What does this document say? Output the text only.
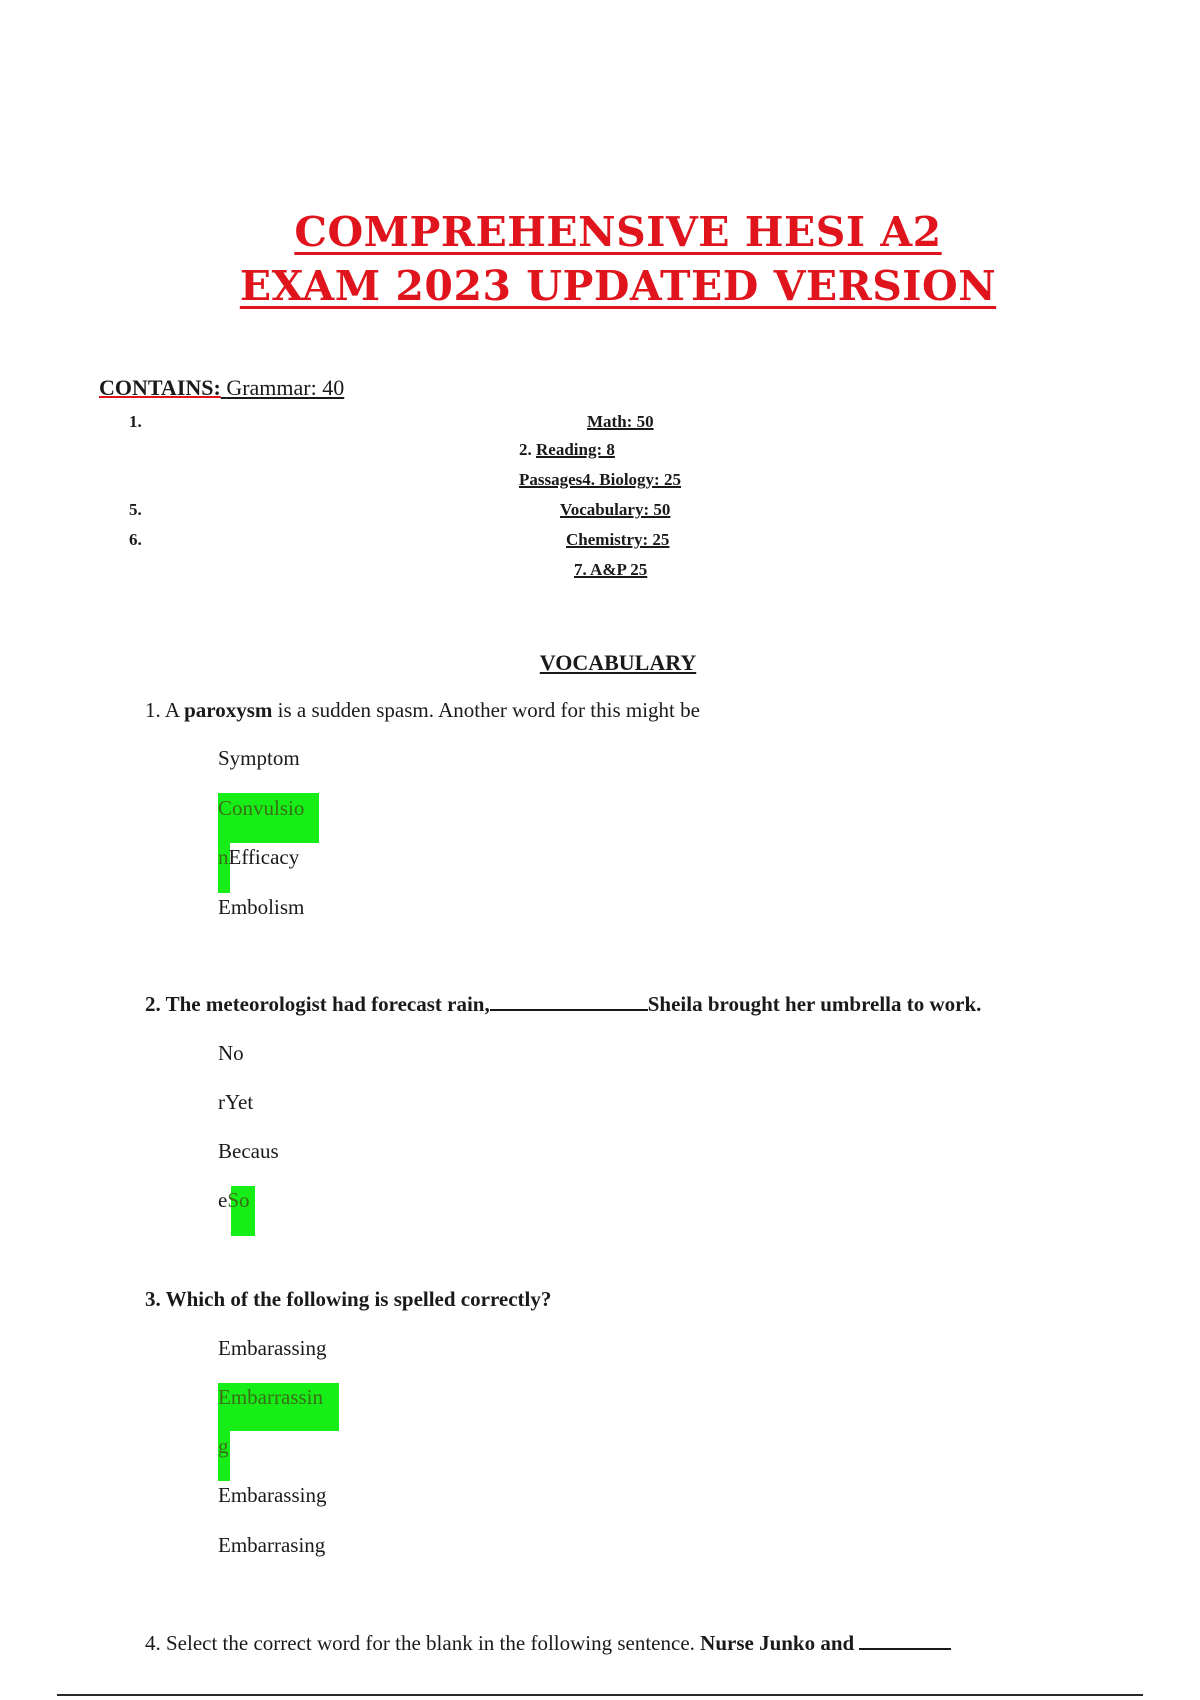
COMPREHENSIVE HESI A2
EXAM 2023 UPDATED VERSION
CONTAINS: Grammar: 40
1.	Math: 50
2. Reading: 8
Passages4. Biology: 25
5.	Vocabulary: 50
6.	Chemistry: 25
7. A&P 25
VOCABULARY
1. A paroxysm is a sudden spasm. Another word for this might be
Symptom
Convulsio
nEfficacy
Embolism
2. The meteorologist had forecast rain,	Sheila brought her umbrella to work.
No
rYet
Becaus
eSo
3. Which of the following is spelled correctly?
Embarassing
Embarrassin
g
Embarassing
Embarrasing
4. Select the correct word for the blank in the following sentence. Nurse Junko and
